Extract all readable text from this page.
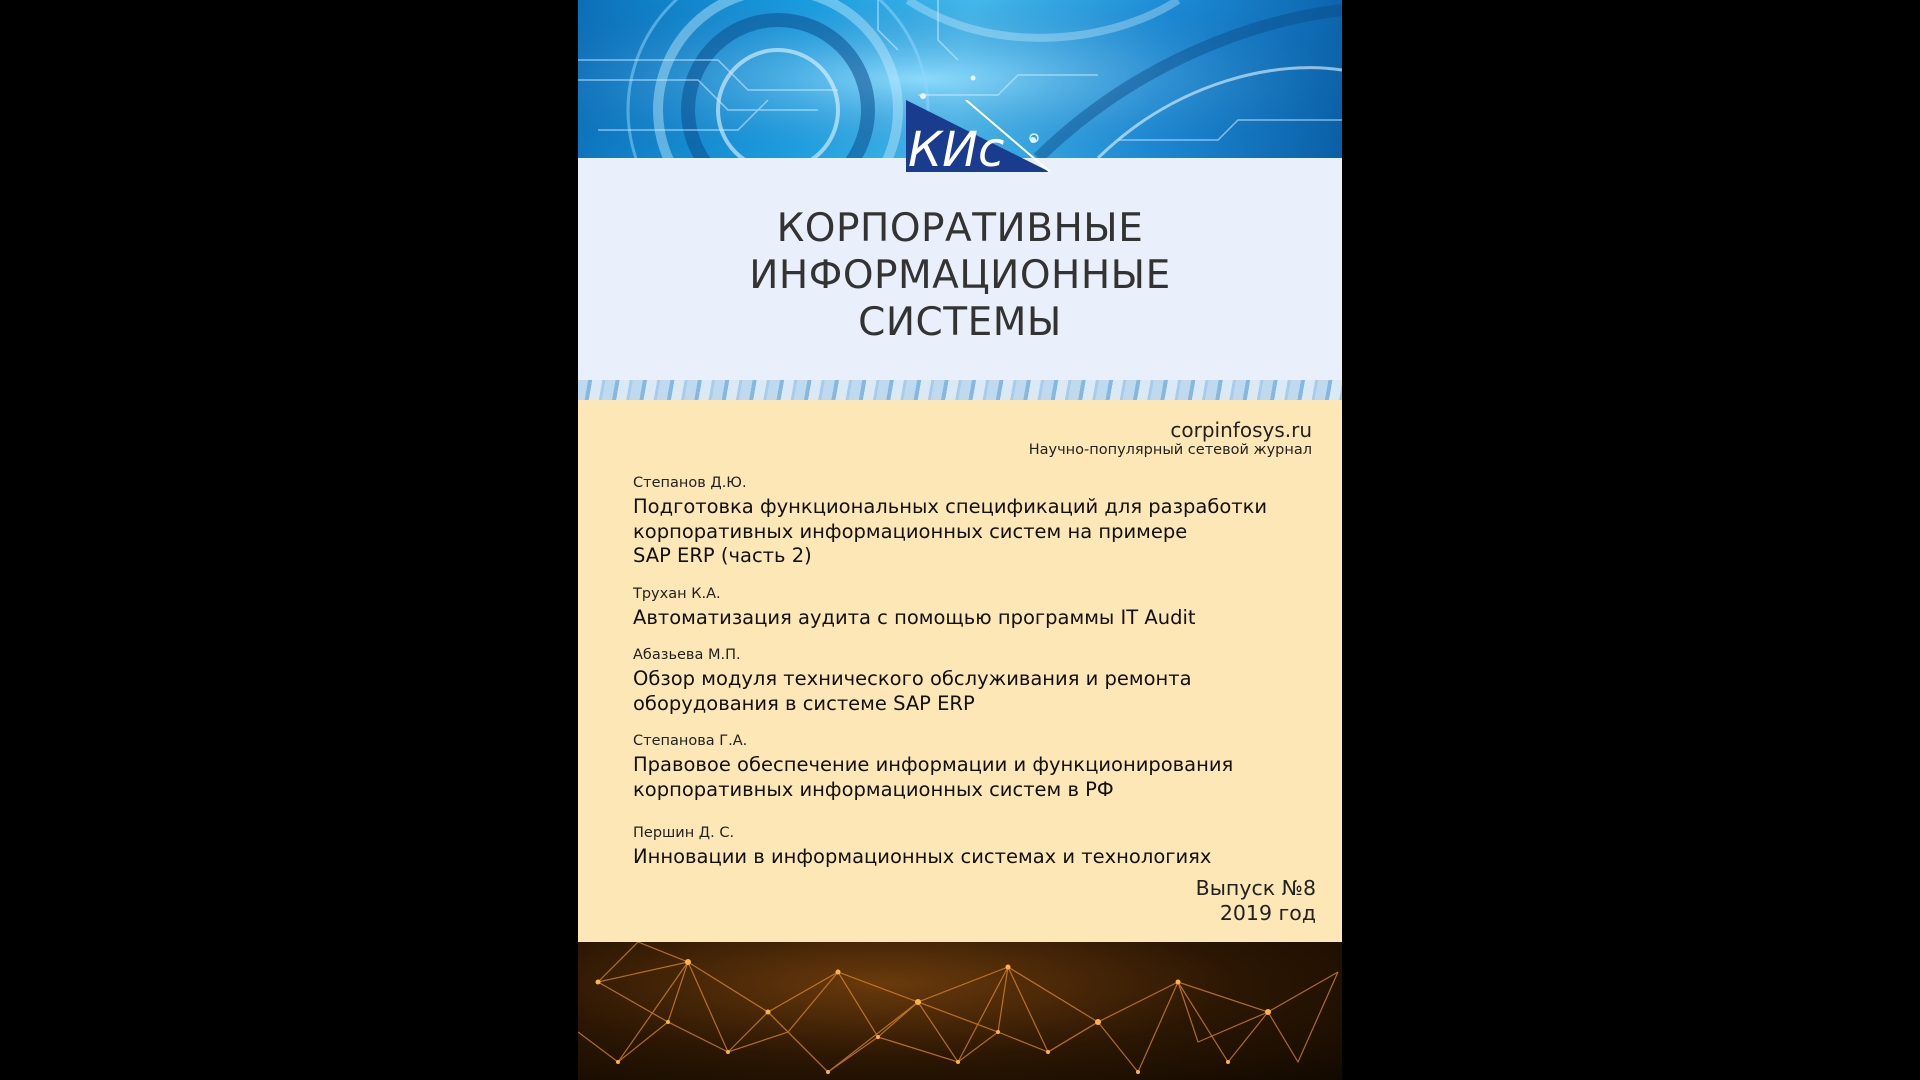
КИс
КОРПОРАТИВНЫЕ
ИНФОРМАЦИОННЫЕ
СИСТЕМЫ
corpinfosys.ru
Научно-популярный сетевой журнал
Степанов Д.Ю.
Подготовка функциональных спецификаций для разработки
корпоративных информационных систем на примере
SAP ERP (часть 2)
Трухан К.А.
Автоматизация аудита с помощью программы IT Audit
Абазьева М.П.
Обзор модуля технического обслуживания и ремонта
оборудования в системе SAP ERP
Степанова Г.А.
Правовое обеспечение информации и функционирования
корпоративных информационных систем в РФ
Першин Д. С.
Инновации в информационных системах и технологиях
Выпуск №8
2019 год
